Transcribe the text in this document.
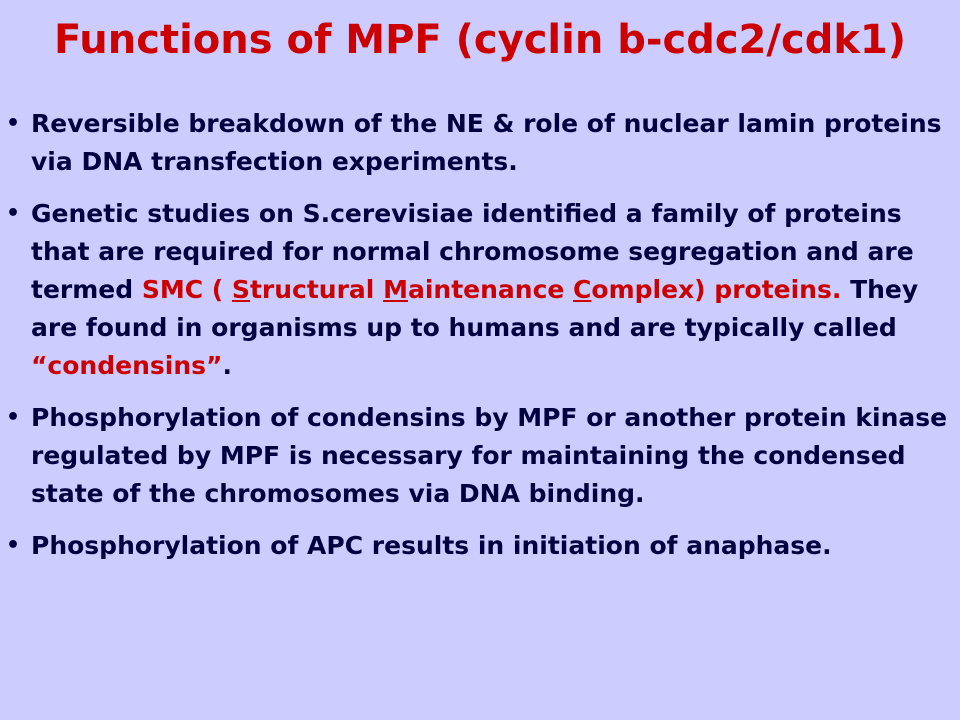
Functions of MPF (cyclin b-cdc2/cdk1)
• Reversible breakdown of the NE & role of nuclear lamin proteins via DNA transfection experiments.
• Genetic studies on S.cerevisiae identified a family of proteins that are required for normal chromosome segregation and are termed SMC ( Structural Maintenance Complex) proteins. They are found in organisms up to humans and are typically called “condensins”.
• Phosphorylation of condensins by MPF or another protein kinase regulated by MPF is necessary for maintaining the condensed state of the chromosomes via DNA binding.
• Phosphorylation of APC results in initiation of anaphase.
